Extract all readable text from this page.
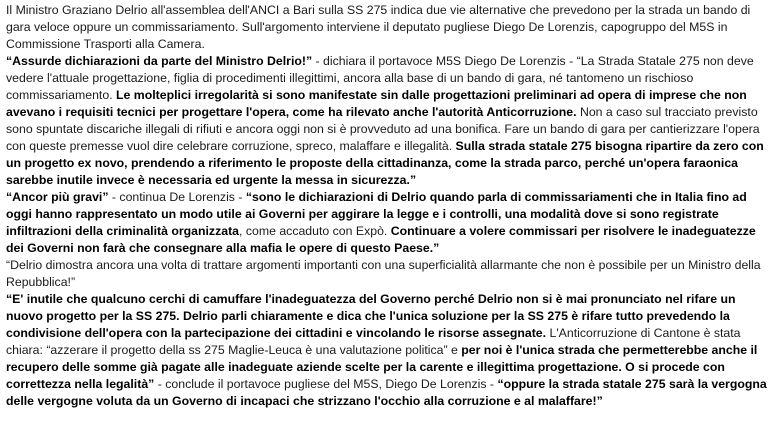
Il Ministro Graziano Delrio all'assemblea dell'ANCI a Bari sulla SS 275 indica due vie alternative che prevedono per la strada un bando di gara veloce oppure un commissariamento. Sull'argomento interviene il deputato pugliese Diego De Lorenzis, capogruppo del M5S in Commissione Trasporti alla Camera.

“Assurde dichiarazioni da parte del Ministro Delrio!” - dichiara il portavoce M5S Diego De Lorenzis - “La Strada Statale 275 non deve vedere l'attuale progettazione, figlia di procedimenti illegittimi, ancora alla base di un bando di gara, né tantomeno un rischioso commissariamento. Le molteplici irregolarità si sono manifestate sin dalle progettazioni preliminari ad opera di imprese che non avevano i requisiti tecnici per progettare l'opera, come ha rilevato anche l'autorità Anticorruzione. Non a caso sul tracciato previsto sono spuntate discariche illegali di rifiuti e ancora oggi non si è provveduto ad una bonifica. Fare un bando di gara per cantierizzare l'opera con queste premesse vuol dire celebrare corruzione, spreco, malaffare e illegalità. Sulla strada statale 275 bisogna ripartire da zero con un progetto ex novo, prendendo a riferimento le proposte della cittadinanza, come la strada parco, perché un'opera faraonica sarebbe inutile invece è necessaria ed urgente la messa in sicurezza.”

“Ancor più gravi” - continua De Lorenzis - “sono le dichiarazioni di Delrio quando parla di commissariamenti che in Italia fino ad oggi hanno rappresentato un modo utile ai Governi per aggirare la legge e i controlli, una modalità dove si sono registrate infiltrazioni della criminalità organizzata, come accaduto con Expò. Continuare a volere commissari per risolvere le inadeguatezze dei Governi non farà che consegnare alla mafia le opere di questo Paese.”

“Delrio dimostra ancora una volta di trattare argomenti importanti con una superficialità allarmante che non è possibile per un Ministro della Repubblica!”

“E' inutile che qualcuno cerchi di camuffare l'inadeguatezza del Governo perché Delrio non si è mai pronunciato nel rifare un nuovo progetto per la SS 275. Delrio parli chiaramente e dica che l'unica soluzione per la SS 275 è rifare tutto prevedendo la condivisione dell'opera con la partecipazione dei cittadini e vincolando le risorse assegnate. L'Anticorruzione di Cantone è stata chiara: “azzerare il progetto della ss 275 Maglie-Leuca è una valutazione politica” e per noi è l'unica strada che permetterebbe anche il recupero delle somme già pagate alle inadeguate aziende scelte per la carente e illegittima progettazione. O si procede con correttezza nella legalità” - conclude il portavoce pugliese del M5S, Diego De Lorenzis - “oppure la strada statale 275 sarà la vergogna delle vergogne voluta da un Governo di incapaci che strizzano l'occhio alla corruzione e al malaffare!”
